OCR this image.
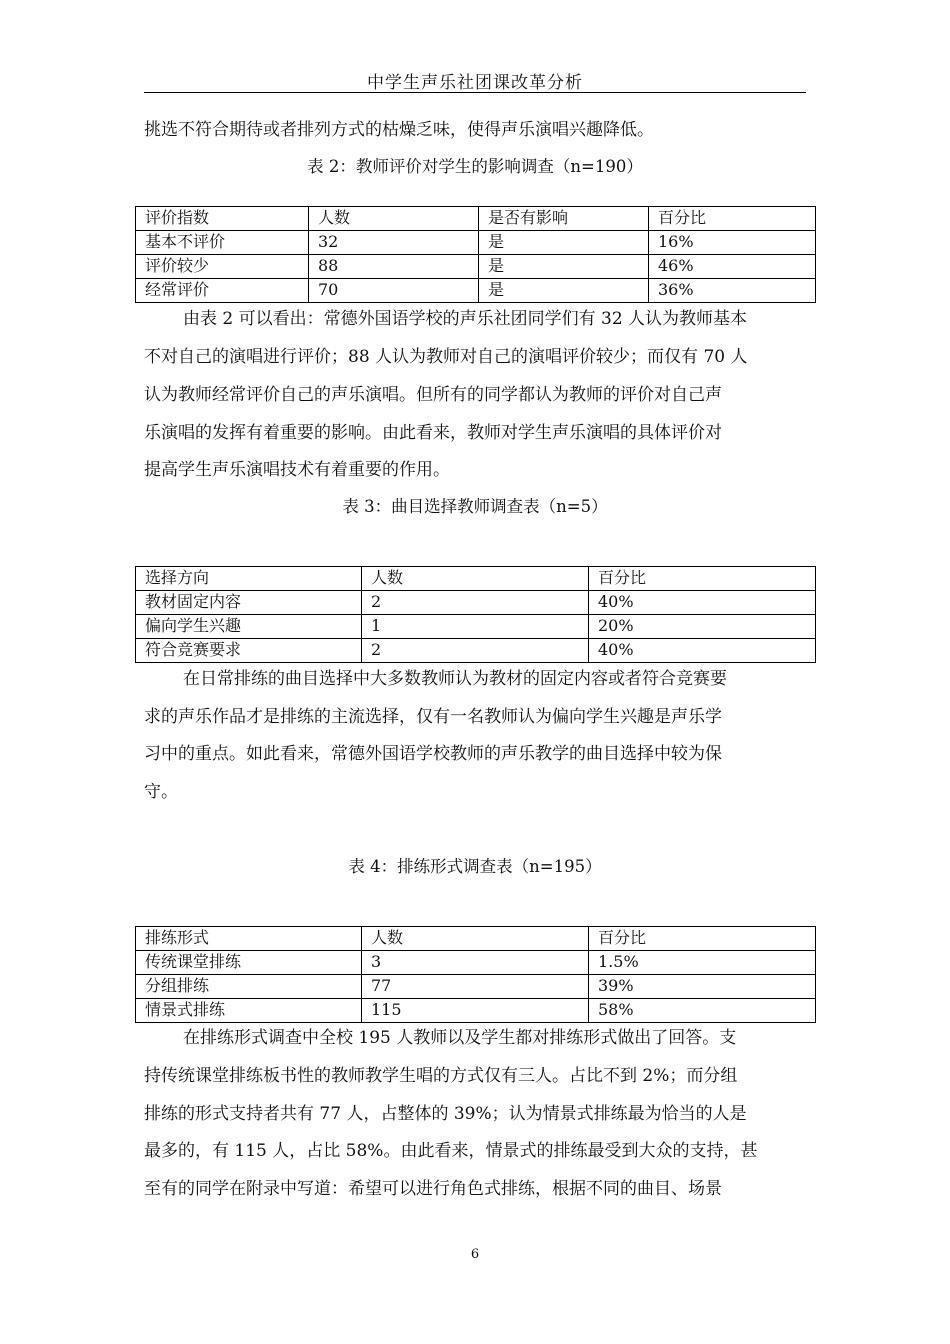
中学生声乐社团课改革分析
挑选不符合期待或者排列方式的枯燥乏味，使得声乐演唱兴趣降低。
表 2：教师评价对学生的影响调查（n=190）
评价指数	人数	是否有影响	百分比
基本不评价	32	是	16%
评价较少	88	是	46%
经常评价	70	是	36%
由表 2 可以看出：常德外国语学校的声乐社团同学们有 32 人认为教师基本
不对自己的演唱进行评价；88 人认为教师对自己的演唱评价较少；而仅有 70 人
认为教师经常评价自己的声乐演唱。但所有的同学都认为教师的评价对自己声
乐演唱的发挥有着重要的影响。由此看来，教师对学生声乐演唱的具体评价对
提高学生声乐演唱技术有着重要的作用。
表 3：曲目选择教师调查表（n=5）
选择方向	人数	百分比
教材固定内容	2	40%
偏向学生兴趣	1	20%
符合竞赛要求	2	40%
在日常排练的曲目选择中大多数教师认为教材的固定内容或者符合竞赛要
求的声乐作品才是排练的主流选择，仅有一名教师认为偏向学生兴趣是声乐学
习中的重点。如此看来，常德外国语学校教师的声乐教学的曲目选择中较为保
守。
表 4：排练形式调查表（n=195）
排练形式	人数	百分比
传统课堂排练	3	1.5%
分组排练	77	39%
情景式排练	115	58%
在排练形式调查中全校 195 人教师以及学生都对排练形式做出了回答。支
持传统课堂排练板书性的教师教学生唱的方式仅有三人。占比不到 2%；而分组
排练的形式支持者共有 77 人，占整体的 39%；认为情景式排练最为恰当的人是
最多的，有 115 人，占比 58%。由此看来，情景式的排练最受到大众的支持，甚
至有的同学在附录中写道：希望可以进行角色式排练，根据不同的曲目、场景
6
